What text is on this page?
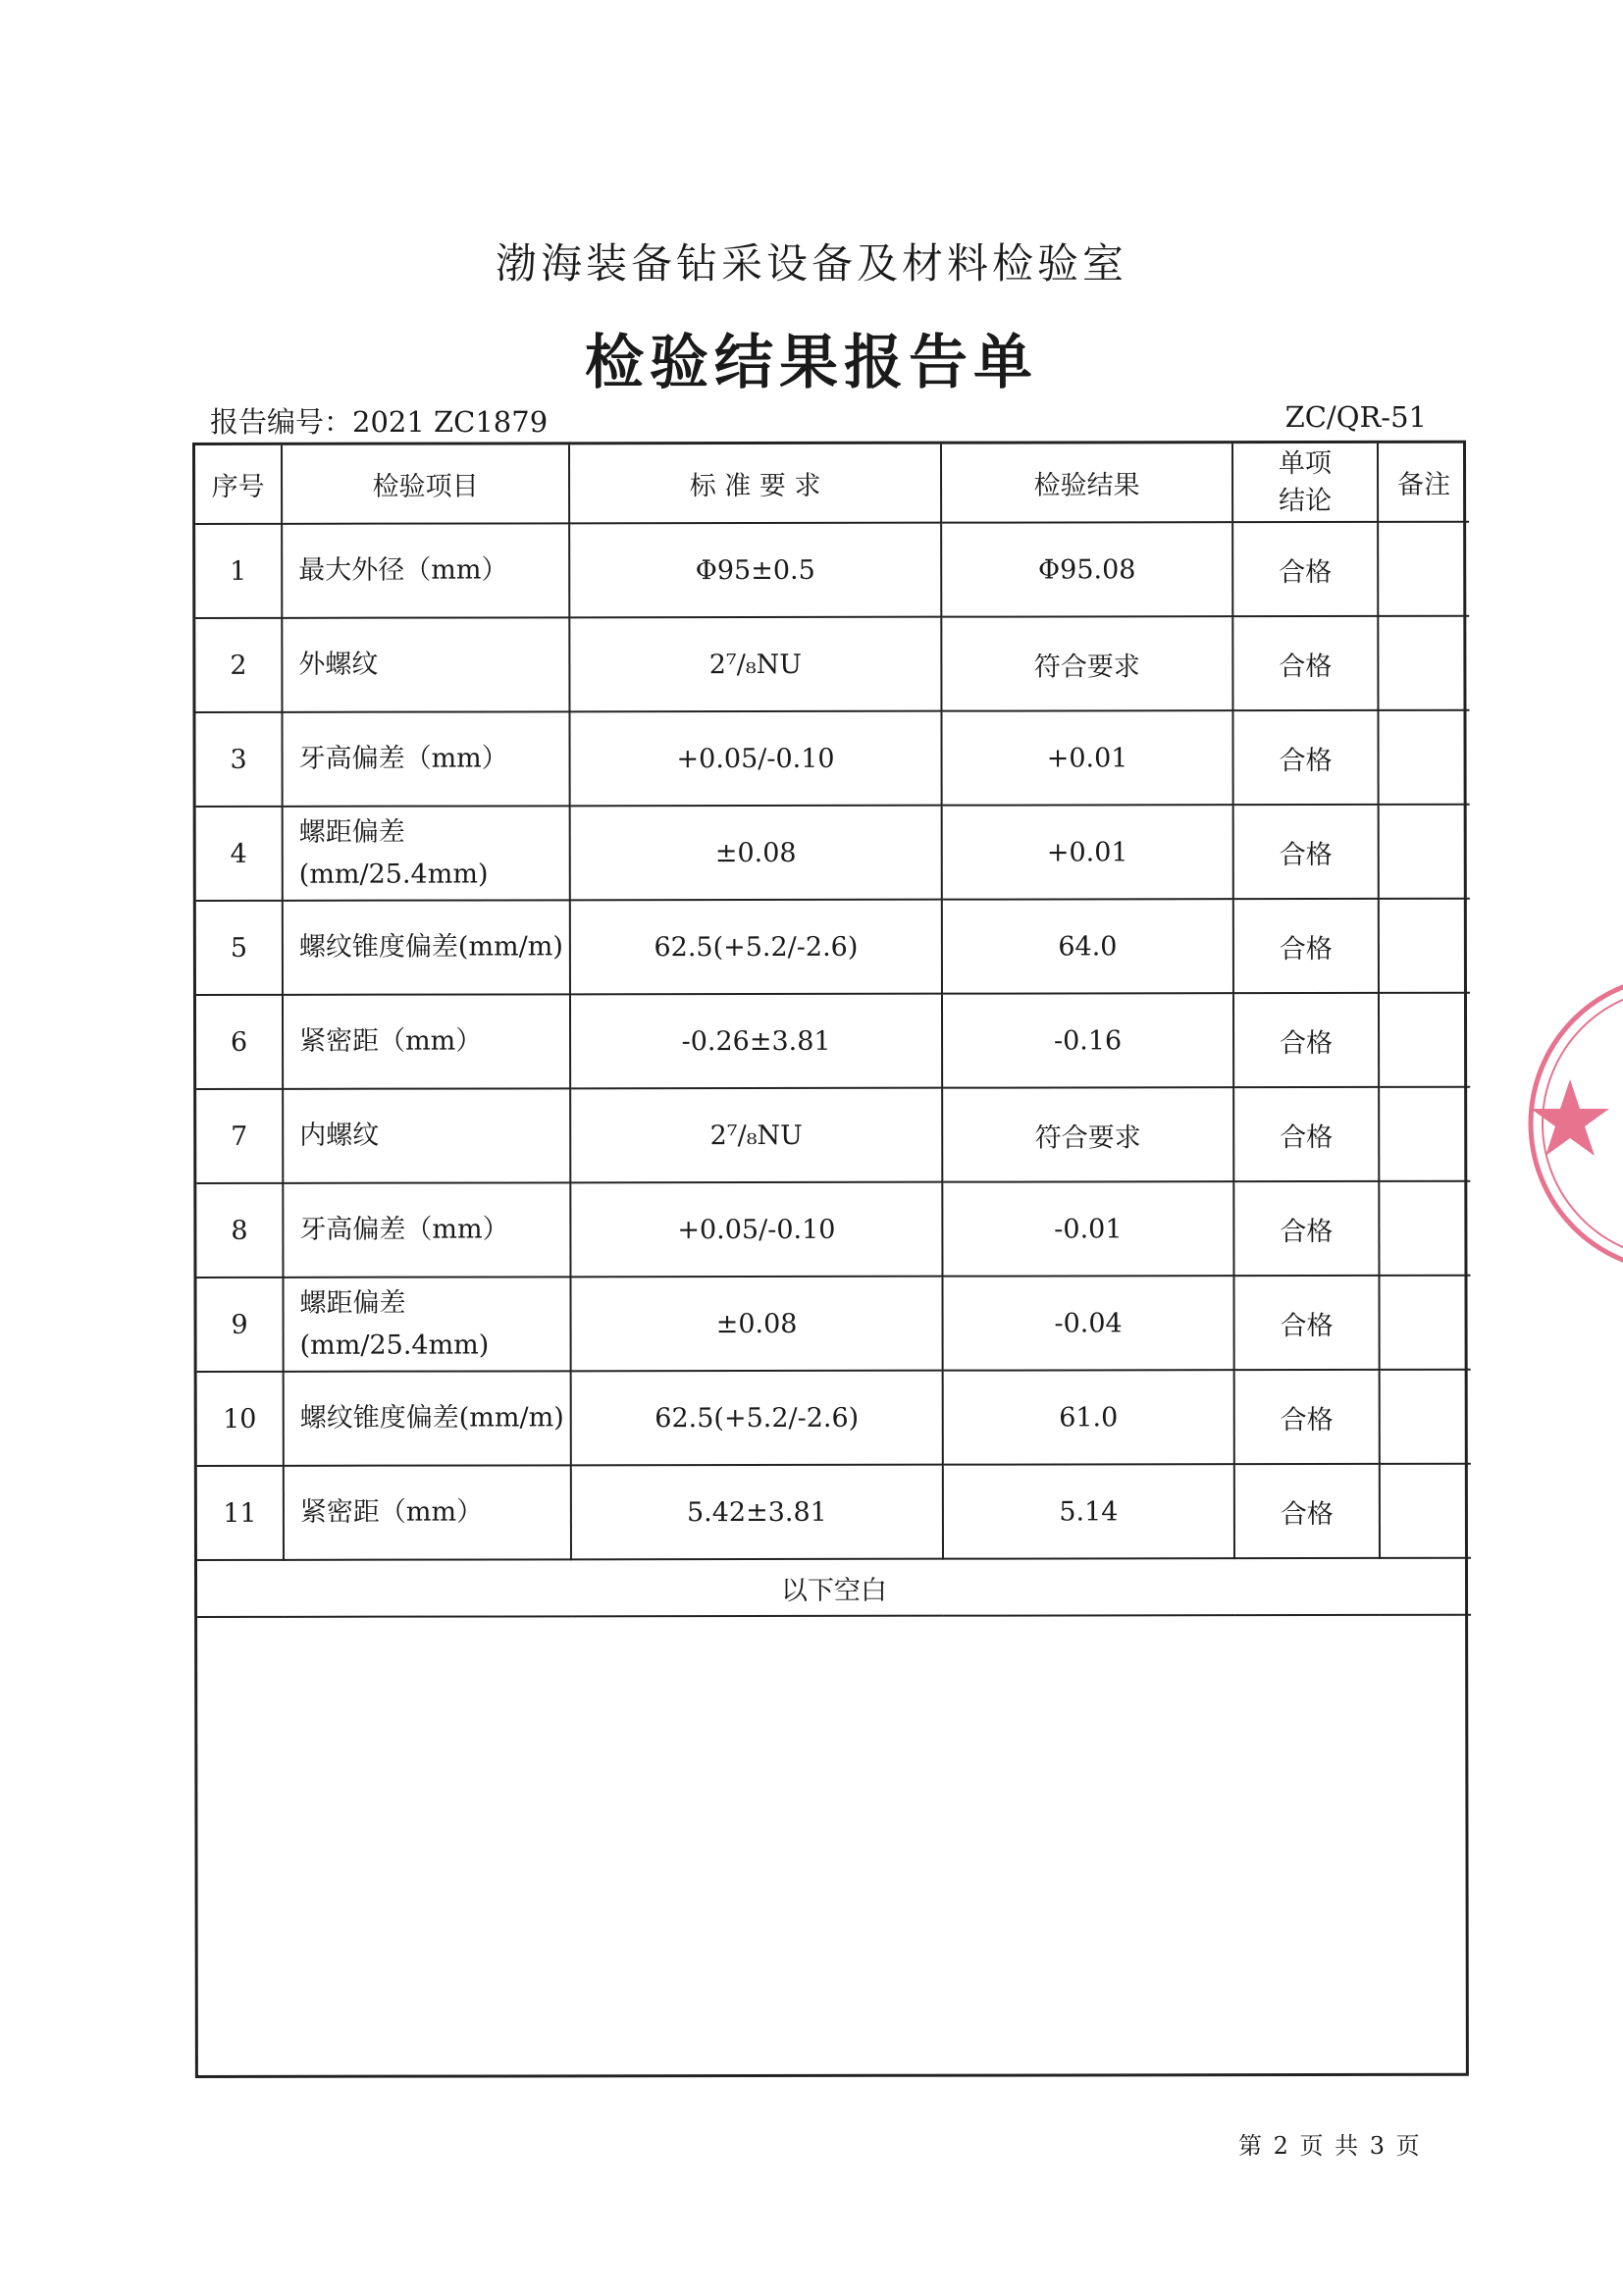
渤海装备钻采设备及材料检验室
检验结果报告单
报告编号：2021 ZC1879	ZC/QR-51
序号	检验项目	标 准 要 求	检验结果	单项结论	备注
1	最大外径（mm）	Φ95±0.5	Φ95.08	合格	
2	外螺纹	2⁷/₈NU	符合要求	合格	
3	牙高偏差（mm）	+0.05/-0.10	+0.01	合格	
4	螺距偏差(mm/25.4mm)	±0.08	+0.01	合格	
5	螺纹锥度偏差(mm/m)	62.5(+5.2/-2.6)	64.0	合格	
6	紧密距（mm）	-0.26±3.81	-0.16	合格	
7	内螺纹	2⁷/₈NU	符合要求	合格	
8	牙高偏差（mm）	+0.05/-0.10	-0.01	合格	
9	螺距偏差(mm/25.4mm)	±0.08	-0.04	合格	
10	螺纹锥度偏差(mm/m)	62.5(+5.2/-2.6)	61.0	合格	
11	紧密距（mm）	5.42±3.81	5.14	合格	
以下空白					
第 2 页 共 3 页
